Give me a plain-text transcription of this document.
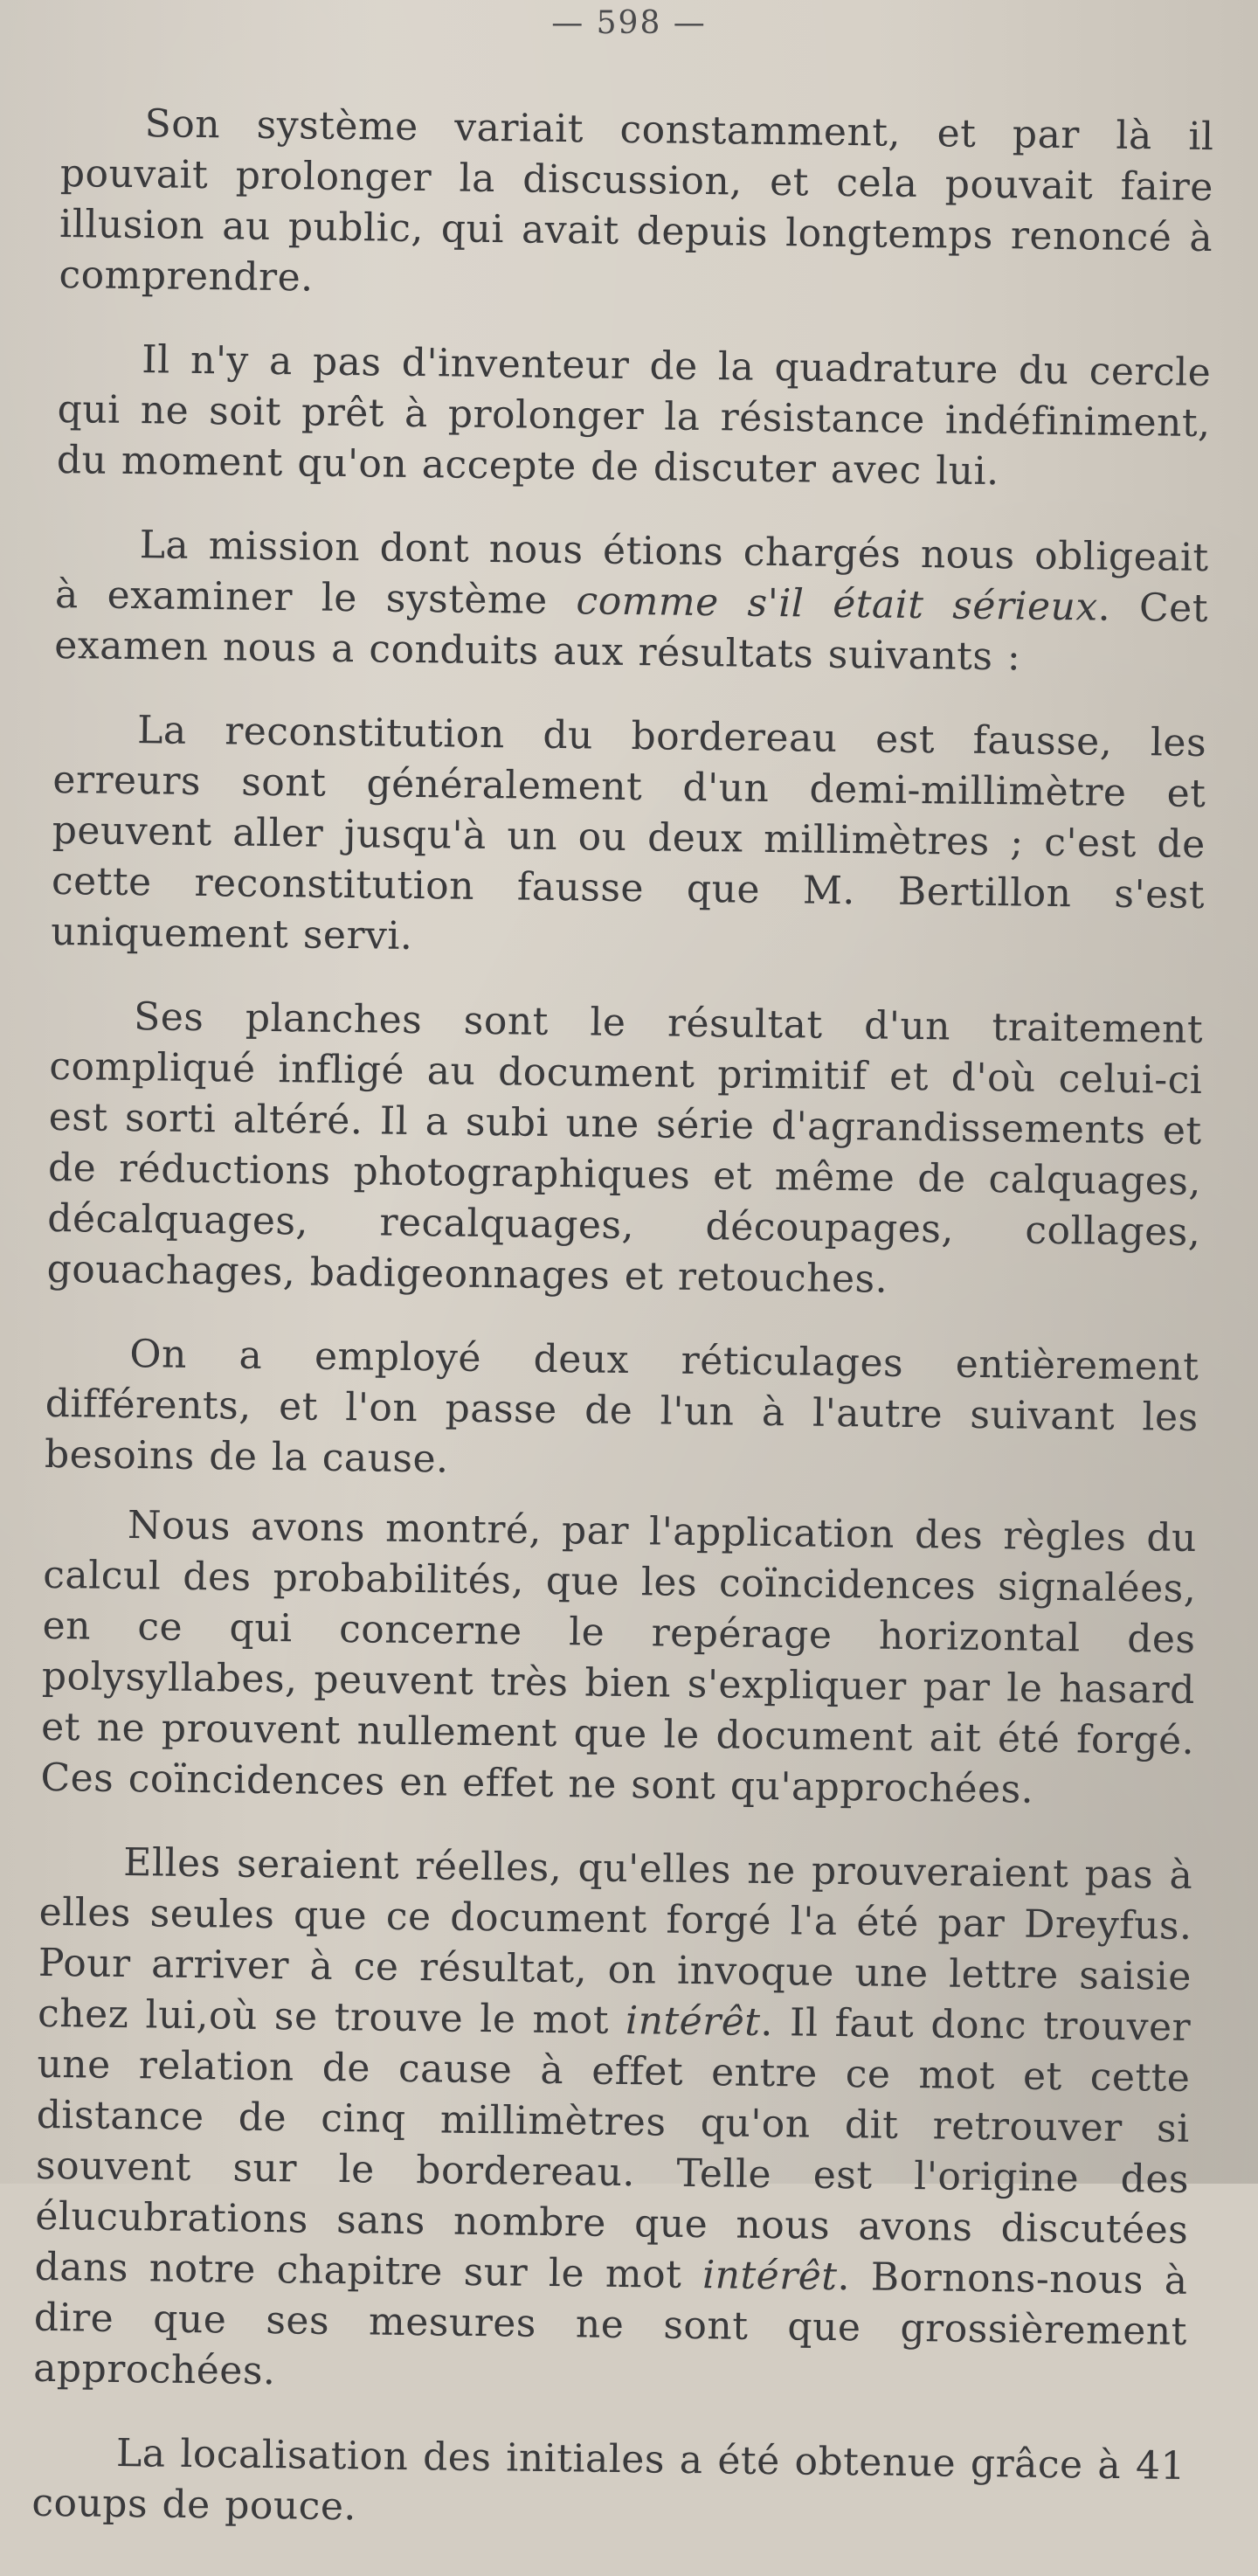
— 598 —

Son système variait constamment, et par là il pouvait prolonger la discussion, et cela pouvait faire illusion au public, qui avait depuis longtemps renoncé à comprendre.

Il n'y a pas d'inventeur de la quadrature du cercle qui ne soit prêt à prolonger la résistance indéfiniment, du moment qu'on accepte de discuter avec lui.

La mission dont nous étions chargés nous obligeait à examiner le système comme s'il était sérieux. Cet examen nous a conduits aux résultats suivants :

La reconstitution du bordereau est fausse, les erreurs sont généralement d'un demi-millimètre et peuvent aller jusqu'à un ou deux millimètres ; c'est de cette reconstitution fausse que M. Bertillon s'est uniquement servi.

Ses planches sont le résultat d'un traitement compliqué infligé au document primitif et d'où celui-ci est sorti altéré. Il a subi une série d'agrandissements et de réductions photographiques et même de calquages, décalquages, recalquages, découpages, collages, gouachages, badigeonnages et retouches.

On a employé deux réticulages entièrement différents, et l'on passe de l'un à l'autre suivant les besoins de la cause.

Nous avons montré, par l'application des règles du calcul des probabilités, que les coïncidences signalées, en ce qui concerne le repérage horizontal des polysyllabes, peuvent très bien s'expliquer par le hasard et ne prouvent nullement que le document ait été forgé. Ces coïncidences en effet ne sont qu'approchées.

Elles seraient réelles, qu'elles ne prouveraient pas à elles seules que ce document forgé l'a été par Dreyfus. Pour arriver à ce résultat, on invoque une lettre saisie chez lui,où se trouve le mot intérêt. Il faut donc trouver une relation de cause à effet entre ce mot et cette distance de cinq millimètres qu'on dit retrouver si souvent sur le bordereau. Telle est l'origine des élucubrations sans nombre que nous avons discutées dans notre chapitre sur le mot intérêt. Bornons-nous à dire que ses mesures ne sont que grossièrement approchées.

La localisation des initiales a été obtenue grâce à 41 coups de pouce.
